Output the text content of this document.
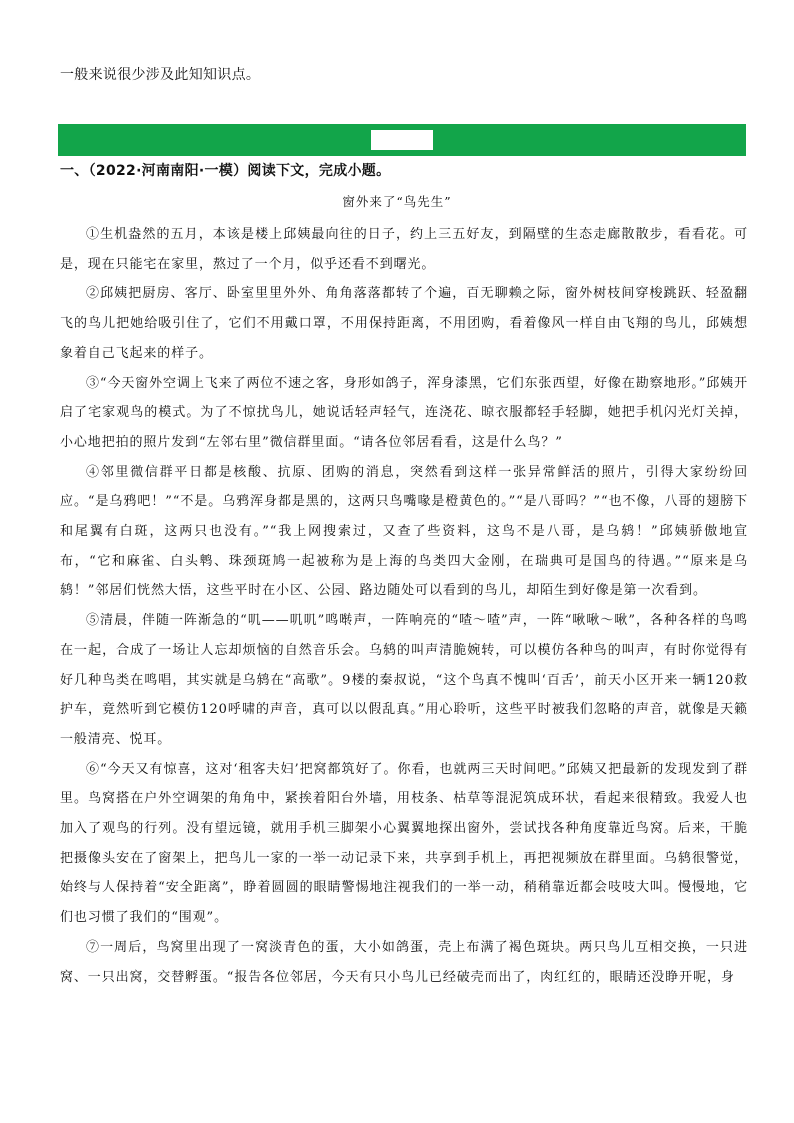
一般来说很少涉及此知知识点。
一、（2022·河南南阳·一模）阅读下文，完成小题。
窗外来了“鸟先生”

①生机盎然的五月，本该是楼上邱姨最向往的日子，约上三五好友，到隔壁的生态走廊散散步，看看花。可是，现在只能宅在家里，熬过了一个月，似乎还看不到曙光。

②邱姨把厨房、客厅、卧室里里外外、角角落落都转了个遍，百无聊赖之际，窗外树枝间穿梭跳跃、轻盈翻飞的鸟儿把她给吸引住了，它们不用戴口罩，不用保持距离，不用团购，看着像风一样自由飞翔的鸟儿，邱姨想象着自己飞起来的样子。

③“今天窗外空调上飞来了两位不速之客，身形如鸽子，浑身漆黑，它们东张西望，好像在勘察地形。”邱姨开启了宅家观鸟的模式。为了不惊扰鸟儿，她说话轻声轻气，连浇花、晾衣服都轻手轻脚，她把手机闪光灯关掉，小心地把拍的照片发到“左邻右里”微信群里面。“请各位邻居看看，这是什么鸟？”

④邻里微信群平日都是核酸、抗原、团购的消息，突然看到这样一张异常鲜活的照片，引得大家纷纷回应。“是乌鸦吧！”“不是。乌鸦浑身都是黑的，这两只鸟嘴喙是橙黄色的。”“是八哥吗？”“也不像，八哥的翅膀下和尾翼有白斑，这两只也没有。”“我上网搜索过，又查了些资料，这鸟不是八哥，是乌鸫！”邱姨骄傲地宣布，“它和麻雀、白头鹎、珠颈斑鸠一起被称为是上海的鸟类四大金刚，在瑞典可是国鸟的待遇。”“原来是乌鸫！”邻居们恍然大悟，这些平时在小区、公园、路边随处可以看到的鸟儿，却陌生到好像是第一次看到。

⑤清晨，伴随一阵渐急的“叽——叽叽”鸣啭声，一阵响亮的“喳～喳”声，一阵“啾啾～啾”，各种各样的鸟鸣在一起，合成了一场让人忘却烦恼的自然音乐会。乌鸫的叫声清脆婉转，可以模仿各种鸟的叫声，有时你觉得有好几种鸟类在鸣唱，其实就是乌鸫在“高歌”。9楼的秦叔说，“这个鸟真不愧叫‘百舌’，前天小区开来一辆120救护车，竟然听到它模仿120呼啸的声音，真可以以假乱真。”用心聆听，这些平时被我们忽略的声音，就像是天籁一般清亮、悦耳。

⑥“今天又有惊喜，这对‘租客夫妇’把窝都筑好了。你看，也就两三天时间吧。”邱姨又把最新的发现发到了群里。鸟窝搭在户外空调架的角角中，紧挨着阳台外墙，用枝条、枯草等混泥筑成环状，看起来很精致。我爱人也加入了观鸟的行列。没有望远镜，就用手机三脚架小心翼翼地探出窗外，尝试找各种角度靠近鸟窝。后来，干脆把摄像头安在了窗架上，把鸟儿一家的一举一动记录下来，共享到手机上，再把视频放在群里面。乌鸫很警觉，始终与人保持着“安全距离”，睁着圆圆的眼睛警惕地注视我们的一举一动，稍稍靠近都会吱吱大叫。慢慢地，它们也习惯了我们的“围观”。

⑦一周后，鸟窝里出现了一窝淡青色的蛋，大小如鸽蛋，壳上布满了褐色斑块。两只鸟儿互相交换，一只进窝、一只出窝，交替孵蛋。“报告各位邻居，今天有只小鸟儿已经破壳而出了，肉红红的，眼睛还没睁开呢，身
